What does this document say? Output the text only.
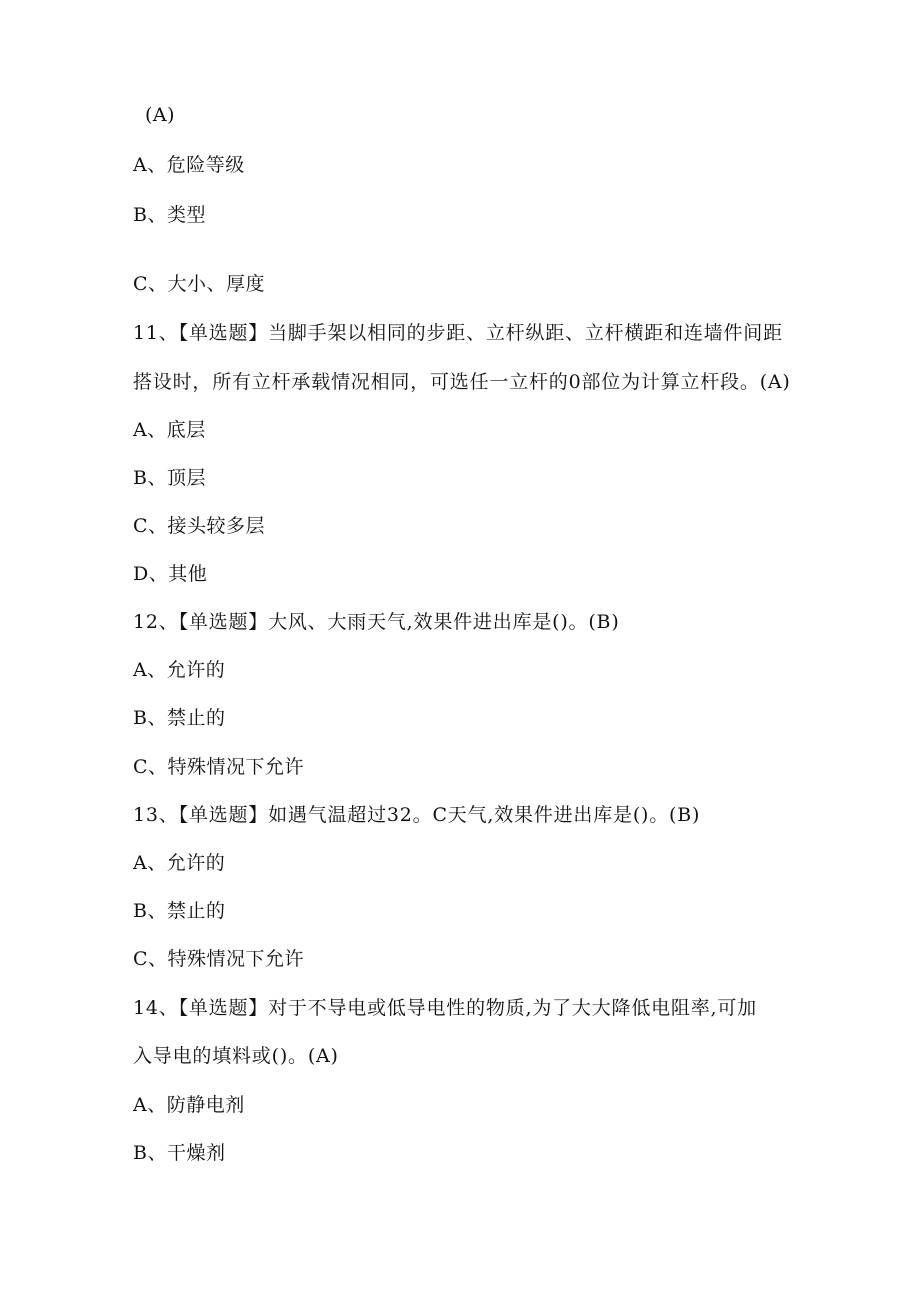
(A)
A、危险等级
B、类型
C、大小、厚度
11、【单选题】当脚手架以相同的步距、立杆纵距、立杆横距和连墙件间距
搭设时，所有立杆承载情况相同，可选任一立杆的0部位为计算立杆段。(A)
A、底层
B、顶层
C、接头较多层
D、其他
12、【单选题】大风、大雨天气,效果件进出库是()。(B)
A、允许的
B、禁止的
C、特殊情况下允许
13、【单选题】如遇气温超过32。C天气,效果件进出库是()。(B)
A、允许的
B、禁止的
C、特殊情况下允许
14、【单选题】对于不导电或低导电性的物质,为了大大降低电阻率,可加
入导电的填料或()。(A)
A、防静电剂
B、干燥剂
